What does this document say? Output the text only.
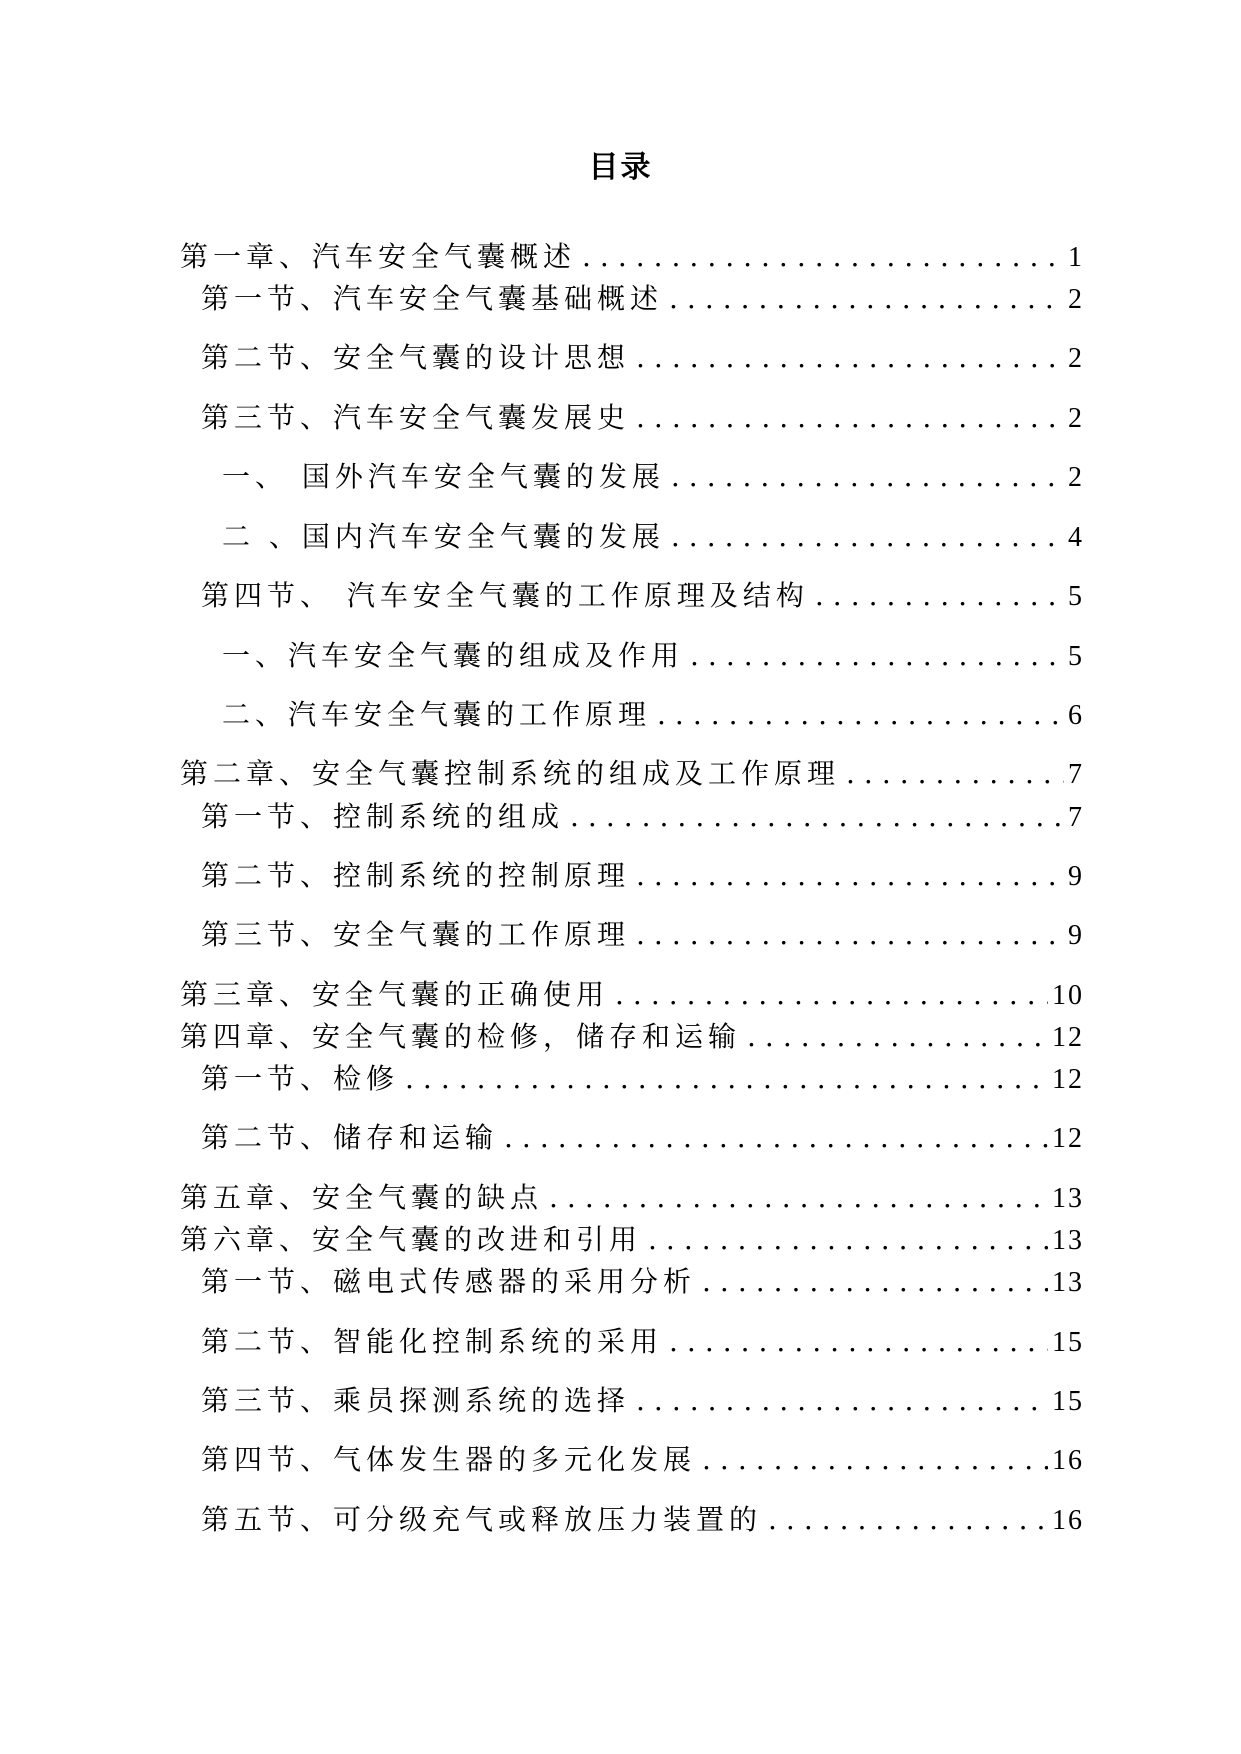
目录
第一章、汽车安全气囊概述 .....	1
第一节、汽车安全气囊基础概述 .....	2
第二节、安全气囊的设计思想 .....	2
第三节、汽车安全气囊发展史 .....	2
一、 国外汽车安全气囊的发展 .....	2
二 、国内汽车安全气囊的发展 .....	4
第四节、 汽车安全气囊的工作原理及结构 .....	5
一、汽车安全气囊的组成及作用 .....	5
二、汽车安全气囊的工作原理 .....	6
第二章、安全气囊控制系统的组成及工作原理 .....	7
第一节、控制系统的组成 .....	7
第二节、控制系统的控制原理 .....	9
第三节、安全气囊的工作原理 .....	9
第三章、安全气囊的正确使用 .....	10
第四章、安全气囊的检修，储存和运输 .....	12
第一节、检修 .....	12
第二节、储存和运输 .....	12
第五章、安全气囊的缺点 .....	13
第六章、安全气囊的改进和引用 .....	13
第一节、磁电式传感器的采用分析 .....	13
第二节、智能化控制系统的采用 .....	15
第三节、乘员探测系统的选择 .....	15
第四节、气体发生器的多元化发展 .....	16
第五节、可分级充气或释放压力装置的 .....	16
